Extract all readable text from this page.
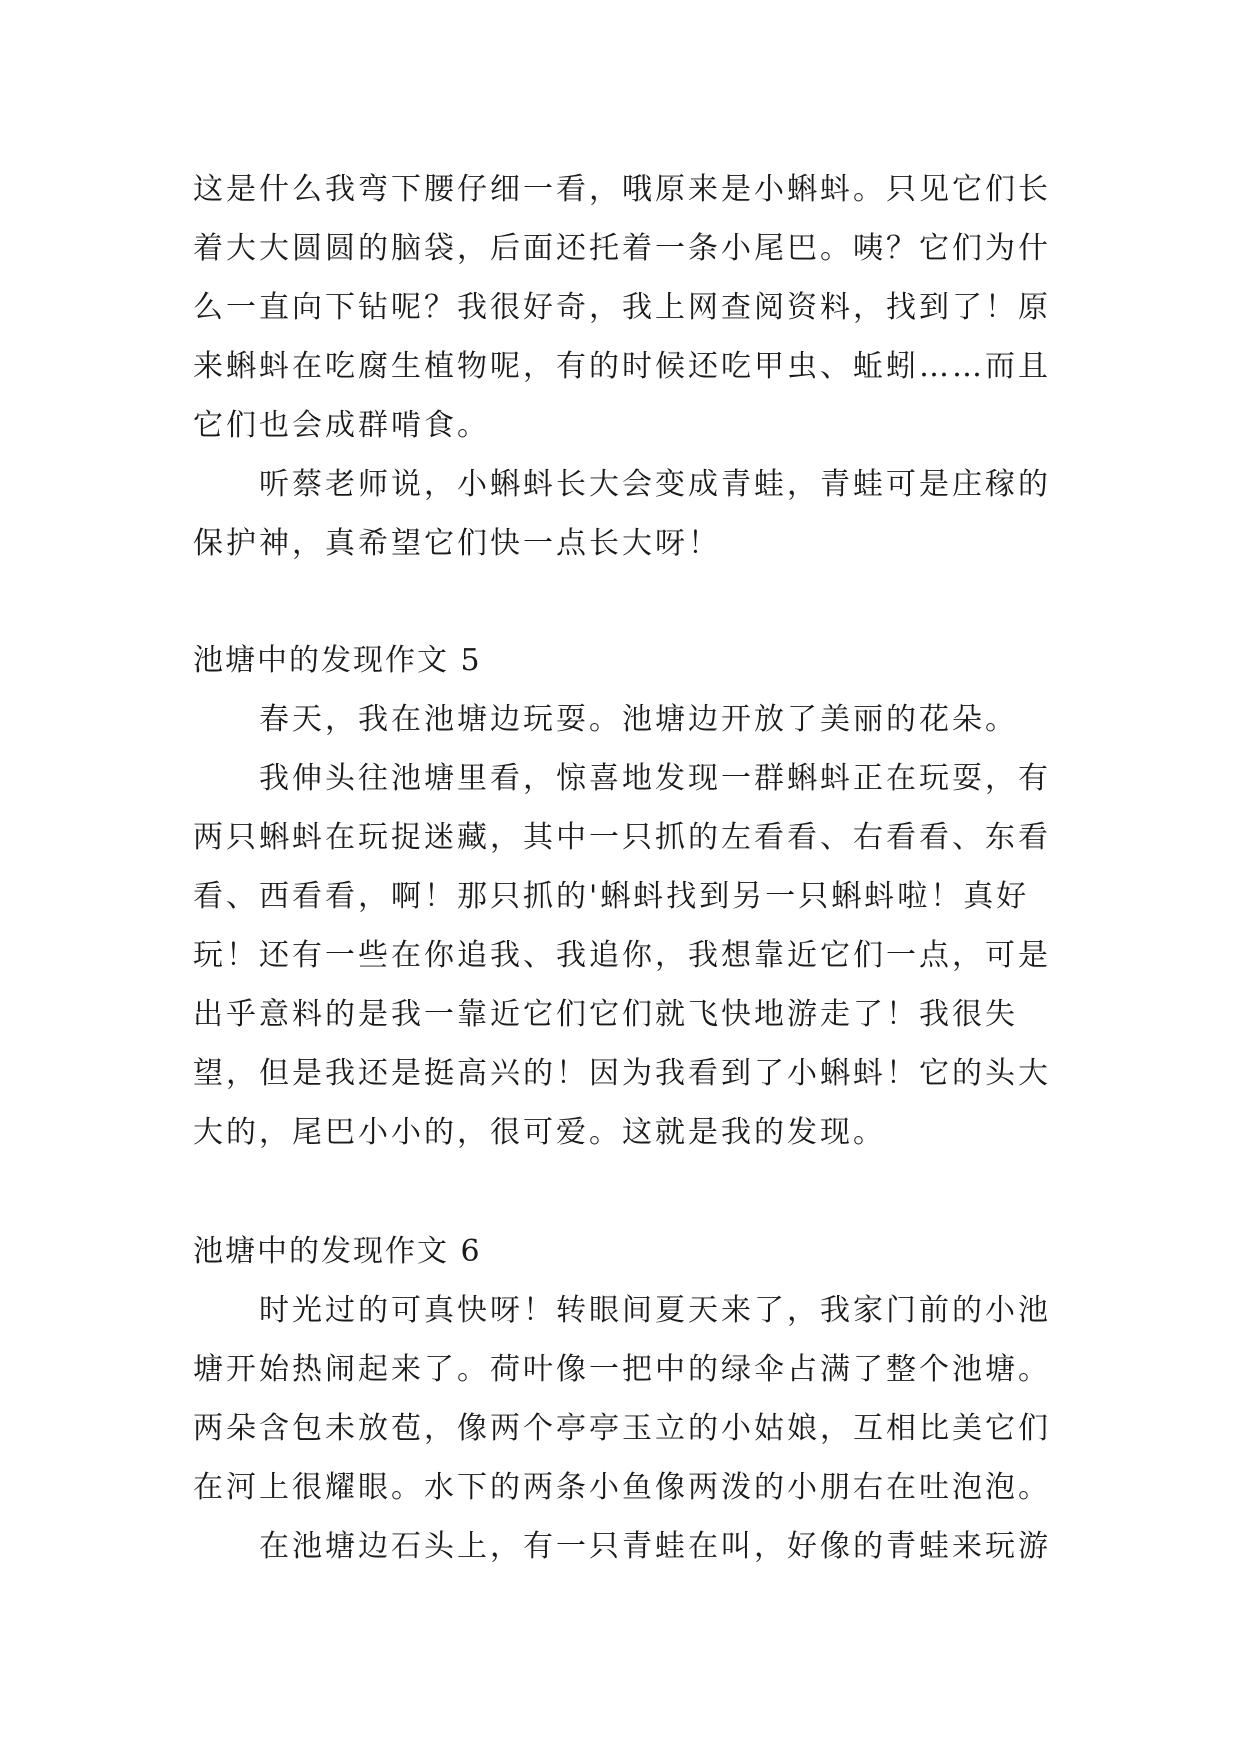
这是什么我弯下腰仔细一看，哦原来是小蝌蚪。只见它们长

着大大圆圆的脑袋，后面还托着一条小尾巴。咦？它们为什

么一直向下钻呢？我很好奇，我上网查阅资料，找到了！原

来蝌蚪在吃腐生植物呢，有的时候还吃甲虫、蚯蚓……而且

它们也会成群啃食。

听蔡老师说，小蝌蚪长大会变成青蛙，青蛙可是庄稼的

保护神，真希望它们快一点长大呀！

池塘中的发现作文 5

春天，我在池塘边玩耍。池塘边开放了美丽的花朵。

我伸头往池塘里看，惊喜地发现一群蝌蚪正在玩耍，有

两只蝌蚪在玩捉迷藏，其中一只抓的左看看、右看看、东看

看、西看看，啊！那只抓的'蝌蚪找到另一只蝌蚪啦！真好

玩！还有一些在你追我、我追你，我想靠近它们一点，可是

出乎意料的是我一靠近它们它们就飞快地游走了！我很失

望，但是我还是挺高兴的！因为我看到了小蝌蚪！它的头大

大的，尾巴小小的，很可爱。这就是我的发现。

池塘中的发现作文 6

时光过的可真快呀！转眼间夏天来了，我家门前的小池

塘开始热闹起来了。荷叶像一把中的绿伞占满了整个池塘。

两朵含包未放苞，像两个亭亭玉立的小姑娘，互相比美它们

在河上很耀眼。水下的两条小鱼像两泼的小朋右在吐泡泡。

在池塘边石头上，有一只青蛙在叫，好像的青蛙来玩游
